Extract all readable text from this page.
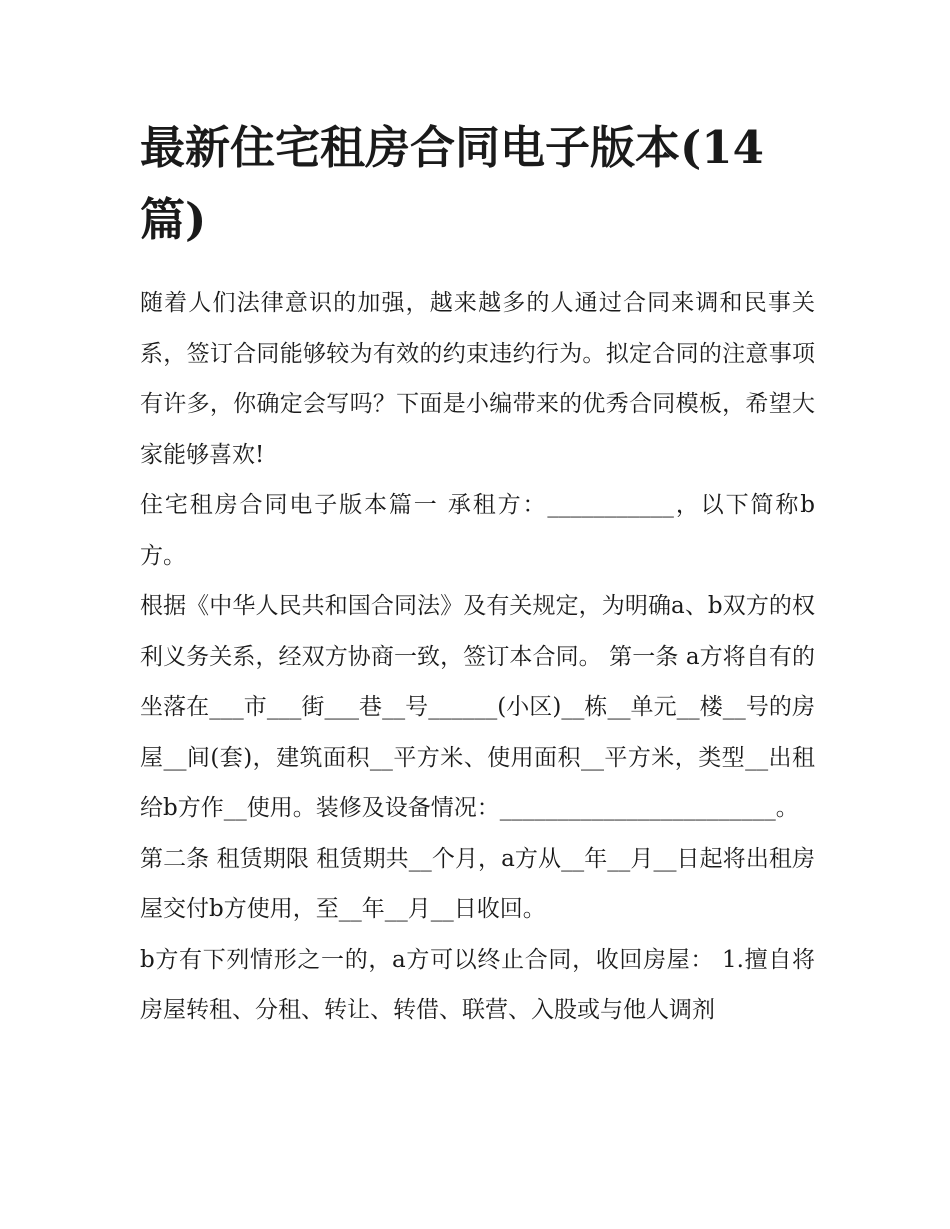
最新住宅租房合同电子版本(14篇)

随着人们法律意识的加强，越来越多的人通过合同来调和民事关系，签订合同能够较为有效的约束违约行为。拟定合同的注意事项有许多，你确定会写吗？下面是小编带来的优秀合同模板，希望大家能够喜欢!

住宅租房合同电子版本篇一 承租方：___________，以下简称b方。

根据《中华人民共和国合同法》及有关规定，为明确a、b双方的权利义务关系，经双方协商一致，签订本合同。 第一条 a方将自有的坐落在___市___街___巷__号______(小区)__栋__单元__楼__号的房屋__间(套)，建筑面积__平方米、使用面积__平方米，类型__出租给b方作__使用。装修及设备情况：________________________。

第二条 租赁期限 租赁期共__个月，a方从__年__月__日起将出租房屋交付b方使用，至__年__月__日收回。

b方有下列情形之一的，a方可以终止合同，收回房屋： 1.擅自将房屋转租、分租、转让、转借、联营、入股或与他人调剂
